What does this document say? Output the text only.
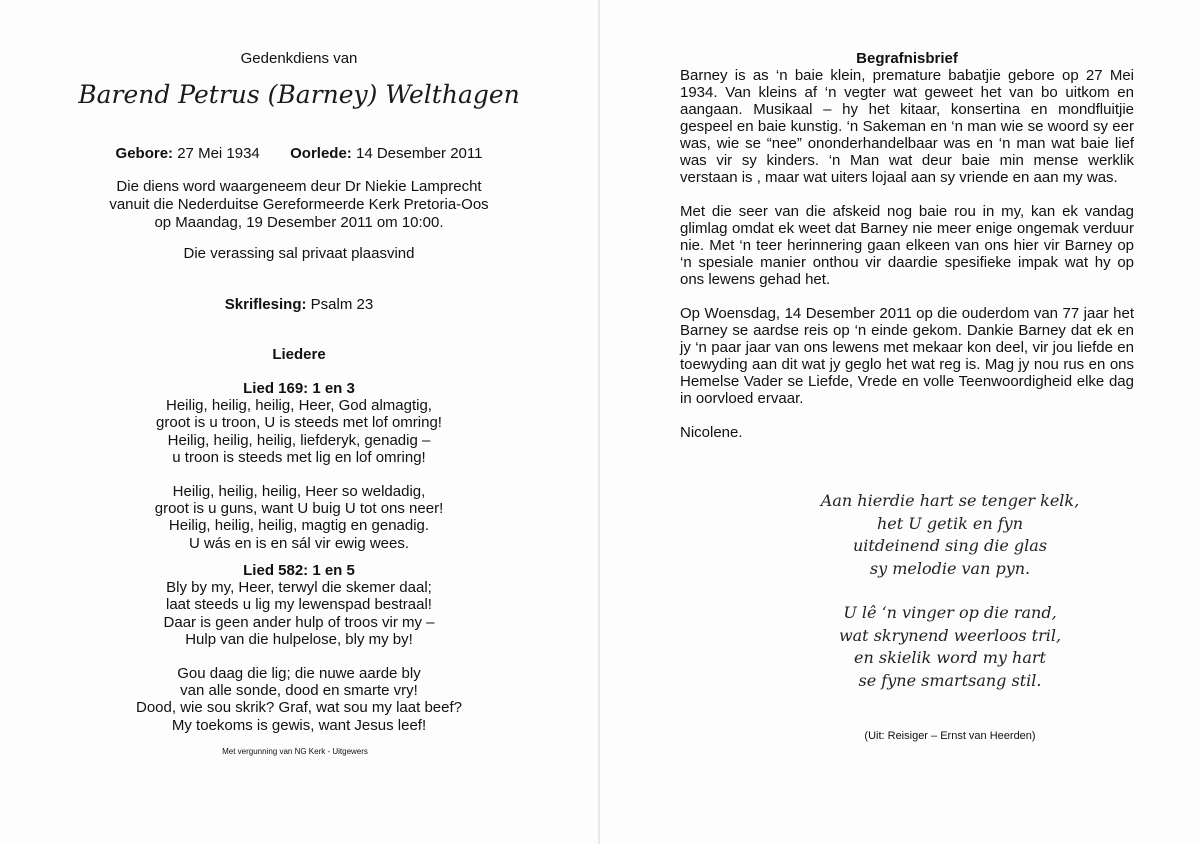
Gedenkdiens van
Barend Petrus (Barney) Welthagen
Gebore: 27 Mei 1934 Oorlede: 14 Desember 2011
Die diens word waargeneem deur Dr Niekie Lamprecht
vanuit die Nederduitse Gereformeerde Kerk Pretoria-Oos
op Maandag, 19 Desember 2011 om 10:00.
Die verassing sal privaat plaasvind
Skriflesing: Psalm 23
Liedere
Lied 169: 1 en 3
Heilig, heilig, heilig, Heer, God almagtig,
groot is u troon, U is steeds met lof omring!
Heilig, heilig, heilig, liefderyk, genadig –
u troon is steeds met lig en lof omring!
Heilig, heilig, heilig, Heer so weldadig,
groot is u guns, want U buig U tot ons neer!
Heilig, heilig, heilig, magtig en genadig.
U wás en is en sál vir ewig wees.
Lied 582: 1 en 5
Bly by my, Heer, terwyl die skemer daal;
laat steeds u lig my lewenspad bestraal!
Daar is geen ander hulp of troos vir my –
Hulp van die hulpelose, bly my by!
Gou daag die lig; die nuwe aarde bly
van alle sonde, dood en smarte vry!
Dood, wie sou skrik? Graf, wat sou my laat beef?
My toekoms is gewis, want Jesus leef!
Met vergunning van NG Kerk - Uitgewers
Begrafnisbrief

Barney is as ‘n baie klein, premature babatjie gebore op 27 Mei 1934. Van kleins af ‘n vegter wat geweet het van bo uitkom en aangaan. Musikaal – hy het kitaar, konsertina en mondfluitjie gespeel en baie kunstig. ‘n Sakeman en ‘n man wie se woord sy eer was, wie se “nee” ononderhandelbaar was en ‘n man wat baie lief was vir sy kinders. ‘n Man wat deur baie min mense werklik verstaan is , maar wat uiters lojaal aan sy vriende en aan my was.

Met die seer van die afskeid nog baie rou in my, kan ek vandag glimlag omdat ek weet dat Barney nie meer enige ongemak verduur nie. Met ‘n teer herinnering gaan elkeen van ons hier vir Barney op ‘n spesiale manier onthou vir daardie spesifieke impak wat hy op ons lewens gehad het.

Op Woensdag, 14 Desember 2011 op die ouderdom van 77 jaar het Barney se aardse reis op ‘n einde gekom. Dankie Barney dat ek en jy ‘n paar jaar van ons lewens met mekaar kon deel, vir jou liefde en toewyding aan dit wat jy geglo het wat reg is. Mag jy nou rus en ons Hemelse Vader se Liefde, Vrede en volle Teenwoordigheid elke dag in oorvloed ervaar.

Nicolene.

Aan hierdie hart se tenger kelk,
het U getik en fyn
uitdeinend sing die glas
sy melodie van pyn.
U lê ‘n vinger op die rand,
wat skrynend weerloos tril,
en skielik word my hart
se fyne smartsang stil.
(Uit: Reisiger – Ernst van Heerden)
